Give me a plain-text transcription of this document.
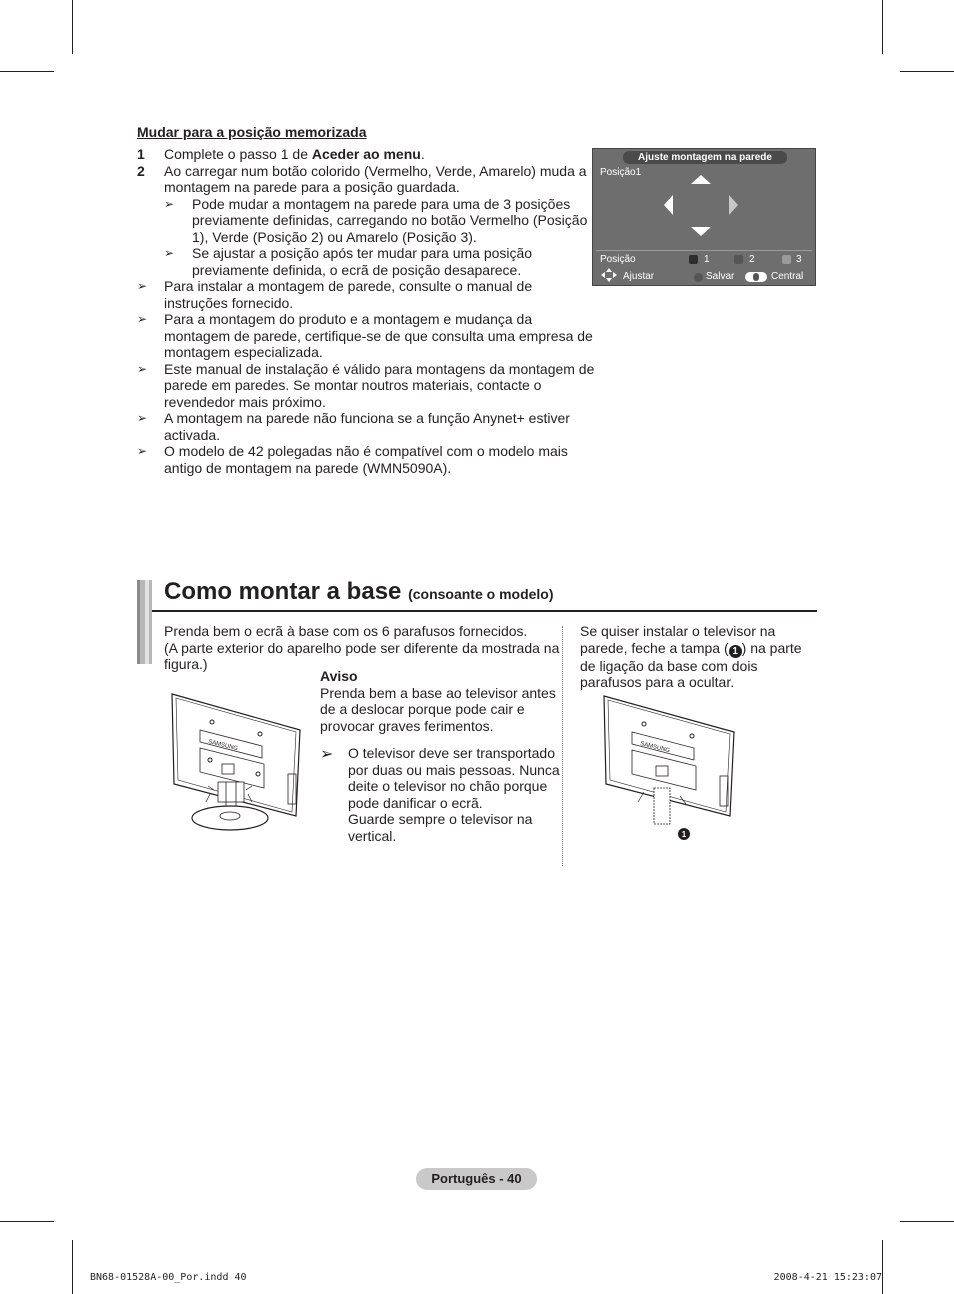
Mudar para a posição memorizada
1	Complete o passo 1 de Aceder ao menu.
2	Ao carregar num botão colorido (Vermelho, Verde, Amarelo) muda a montagem na parede para a posição guardada.
➢	Pode mudar a montagem na parede para uma de 3 posições previamente definidas, carregando no botão Vermelho (Posição 1), Verde (Posição 2) ou Amarelo (Posição 3).
➢	Se ajustar a posição após ter mudar para uma posição previamente definida, o ecrã de posição desaparece.
➢	Para instalar a montagem de parede, consulte o manual de instruções fornecido.
➢	Para a montagem do produto e a montagem e mudança da montagem de parede, certifique-se de que consulta uma empresa de montagem especializada.
➢	Este manual de instalação é válido para montagens da montagem de parede em paredes. Se montar noutros materiais, contacte o revendedor mais próximo.
➢	A montagem na parede não funciona se a função Anynet+ estiver activada.
➢	O modelo de 42 polegadas não é compatível com o modelo mais antigo de montagem na parede (WMN5090A).
Ajuste montagem na parede
Posição1
Posição	1	2	3
Ajustar	Salvar	Central
Como montar a base (consoante o modelo)
Prenda bem o ecrã à base com os 6 parafusos fornecidos.
(A parte exterior do aparelho pode ser diferente da mostrada na figura.)
SAMSUNG
Aviso
Prenda bem a base ao televisor antes de a deslocar porque pode cair e provocar graves ferimentos.
➢ O televisor deve ser transportado por duas ou mais pessoas. Nunca deite o televisor no chão porque pode danificar o ecrã.
Guarde sempre o televisor na vertical.
Se quiser instalar o televisor na parede, feche a tampa ( 1 ) na parte de ligação da base com dois parafusos para a ocultar.
SAMSUNG
1
Português - 40
BN68-01528A-00_Por.indd 40	2008-4-21 15:23:07
